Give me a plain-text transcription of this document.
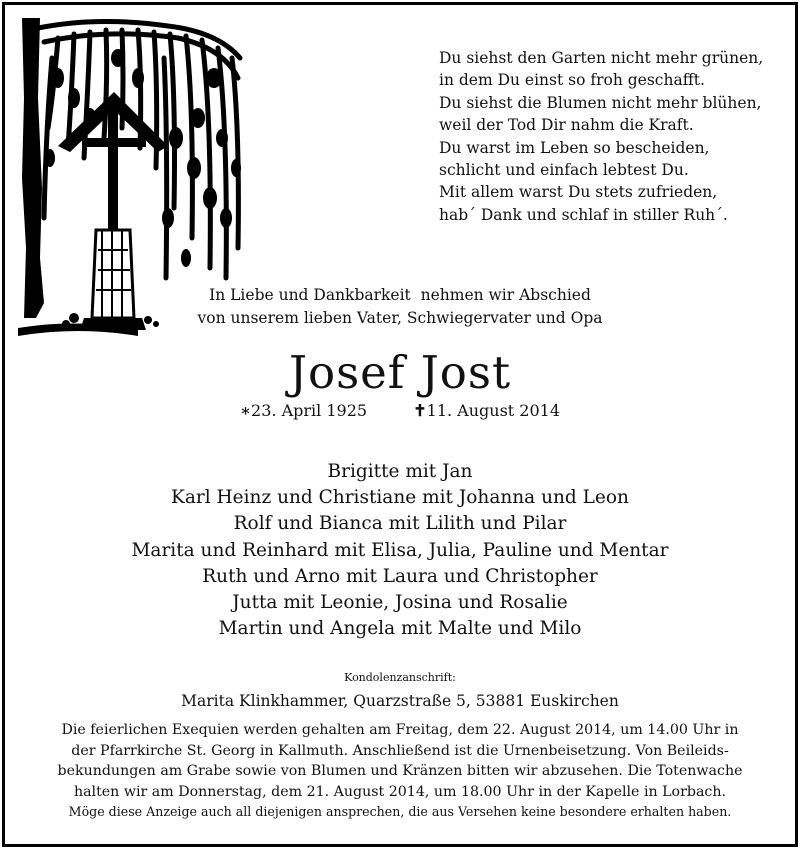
Du siehst den Garten nicht mehr grünen,
in dem Du einst so froh geschafft.
Du siehst die Blumen nicht mehr blühen,
weil der Tod Dir nahm die Kraft.
Du warst im Leben so bescheiden,
schlicht und einfach lebtest Du.
Mit allem warst Du stets zufrieden,
hab´ Dank und schlaf in stiller Ruh´.
In Liebe und Dankbarkeit  nehmen wir Abschied
von unserem lieben Vater, Schwiegervater und Opa
Josef Jost
∗23. April 1925	✝11. August 2014
Brigitte mit Jan
Karl Heinz und Christiane mit Johanna und Leon
Rolf und Bianca mit Lilith und Pilar
Marita und Reinhard mit Elisa, Julia, Pauline und Mentar
Ruth und Arno mit Laura und Christopher
Jutta mit Leonie, Josina und Rosalie
Martin und Angela mit Malte und Milo
Kondolenzanschrift:
Marita Klinkhammer, Quarzstraße 5, 53881 Euskirchen
Die feierlichen Exequien werden gehalten am Freitag, dem 22. August 2014, um 14.00 Uhr in
der Pfarrkirche St. Georg in Kallmuth. Anschließend ist die Urnenbeisetzung. Von Beileids-
bekundungen am Grabe sowie von Blumen und Kränzen bitten wir abzusehen. Die Totenwache
halten wir am Donnerstag, dem 21. August 2014, um 18.00 Uhr in der Kapelle in Lorbach.
Möge diese Anzeige auch all diejenigen ansprechen, die aus Versehen keine besondere erhalten haben.
